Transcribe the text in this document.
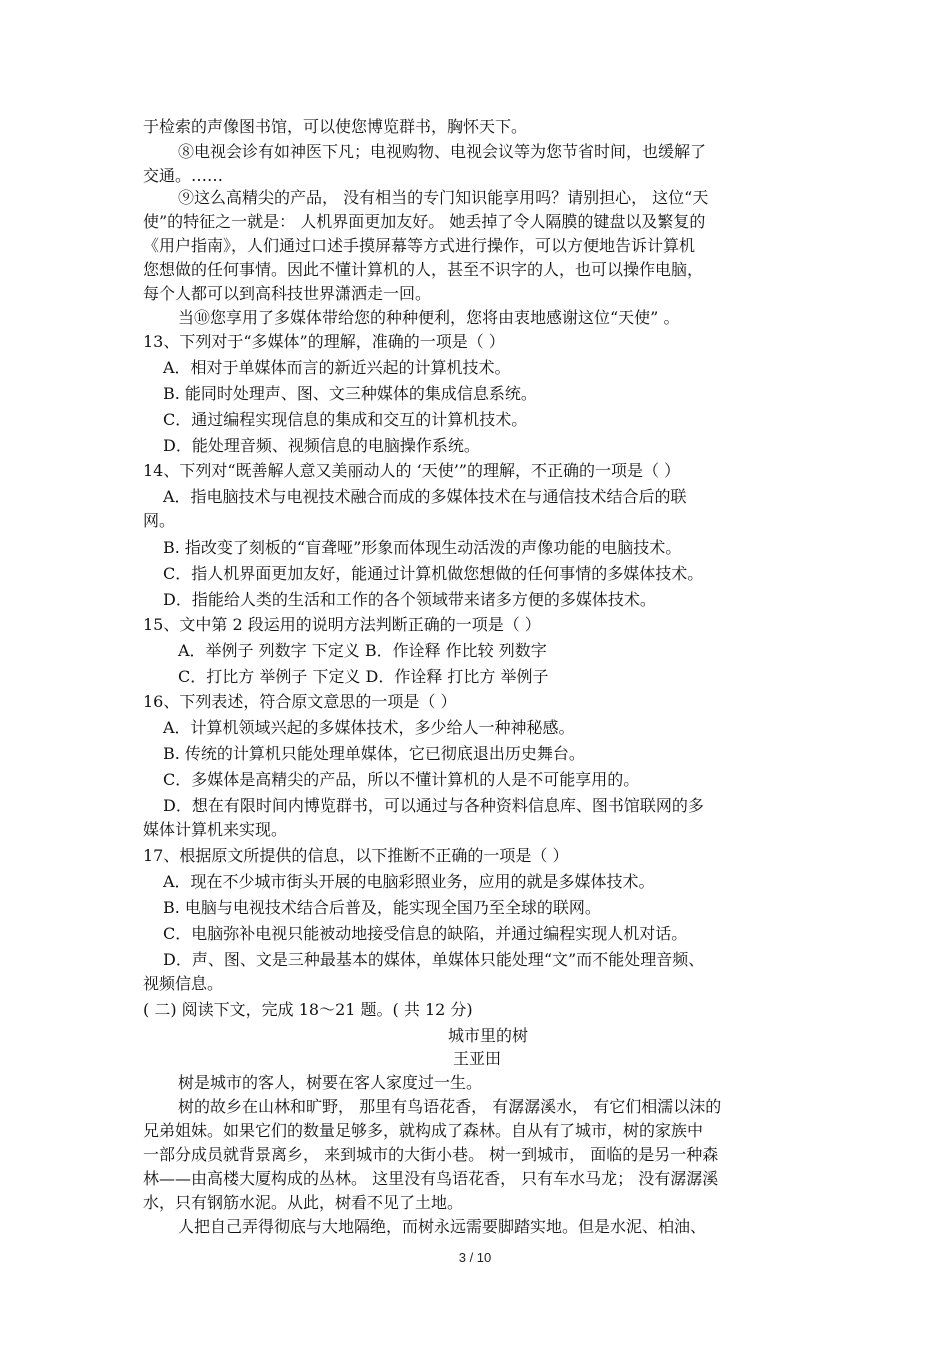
于检索的声像图书馆，可以使您博览群书，胸怀天下。
⑧电视会诊有如神医下凡；电视购物、电视会议等为您节省时间，也缓解了
交通。……
⑨这么高精尖的产品， 没有相当的专门知识能享用吗？请别担心， 这位“天
使”的特征之一就是： 人机界面更加友好。 她丢掉了令人隔膜的键盘以及繁复的
《用户指南》，人们通过口述手摸屏幕等方式进行操作，可以方便地告诉计算机
您想做的任何事情。因此不懂计算机的人，甚至不识字的人，也可以操作电脑，
每个人都可以到高科技世界潇洒走一回。
当⑩您享用了多媒体带给您的种种便利，您将由衷地感谢这位“天使” 。
13、下列对于“多媒体”的理解，准确的一项是（ ）
A．相对于单媒体而言的新近兴起的计算机技术。
B. 能同时处理声、图、文三种媒体的集成信息系统。
C．通过编程实现信息的集成和交互的计算机技术。
D．能处理音频、视频信息的电脑操作系统。
14、下列对“既善解人意又美丽动人的 ‘天使’”的理解，不正确的一项是（ ）
A．指电脑技术与电视技术融合而成的多媒体技术在与通信技术结合后的联
网。
B. 指改变了刻板的“盲聋哑”形象而体现生动活泼的声像功能的电脑技术。
C．指人机界面更加友好，能通过计算机做您想做的任何事情的多媒体技术。
D．指能给人类的生活和工作的各个领域带来诸多方便的多媒体技术。
15、文中第 2 段运用的说明方法判断正确的一项是（ ）
A．举例子 列数字 下定义 B．作诠释 作比较 列数字
C．打比方 举例子 下定义 D．作诠释 打比方 举例子
16、下列表述，符合原文意思的一项是（ ）
A．计算机领域兴起的多媒体技术，多少给人一种神秘感。
B. 传统的计算机只能处理单媒体，它已彻底退出历史舞台。
C．多媒体是高精尖的产品，所以不懂计算机的人是不可能享用的。
D．想在有限时间内博览群书，可以通过与各种资料信息库、图书馆联网的多
媒体计算机来实现。
17、根据原文所提供的信息，以下推断不正确的一项是（ ）
A．现在不少城市街头开展的电脑彩照业务，应用的就是多媒体技术。
B. 电脑与电视技术结合后普及，能实现全国乃至全球的联网。
C．电脑弥补电视只能被动地接受信息的缺陷，并通过编程实现人机对话。
D．声、图、文是三种最基本的媒体，单媒体只能处理“文”而不能处理音频、
视频信息。
( 二) 阅读下文，完成 18～21 题。( 共 12 分)
城市里的树
王亚田
树是城市的客人，树要在客人家度过一生。
树的故乡在山林和旷野， 那里有鸟语花香， 有潺潺溪水， 有它们相濡以沫的
兄弟姐妹。如果它们的数量足够多，就构成了森林。自从有了城市，树的家族中
一部分成员就背景离乡， 来到城市的大街小巷。 树一到城市， 面临的是另一种森
林——由高楼大厦构成的丛林。 这里没有鸟语花香， 只有车水马龙； 没有潺潺溪
水，只有钢筋水泥。从此，树看不见了土地。
人把自己弄得彻底与大地隔绝，而树永远需要脚踏实地。但是水泥、柏油、
3 / 10
